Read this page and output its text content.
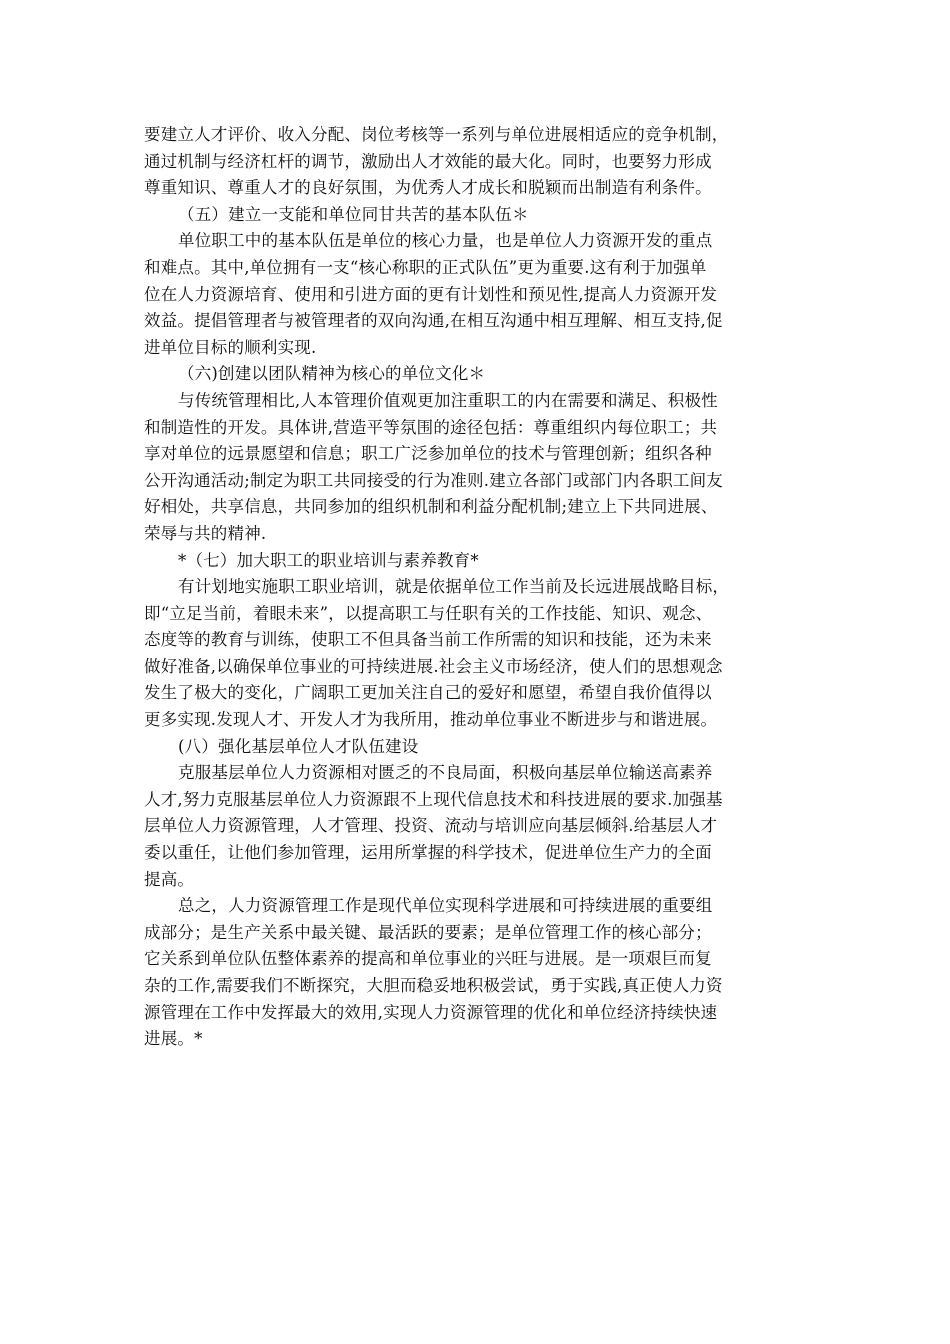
要建立人才评价、收入分配、岗位考核等一系列与单位进展相适应的竞争机制，
通过机制与经济杠杆的调节，激励出人才效能的最大化。同时，也要努力形成
尊重知识、尊重人才的良好氛围，为优秀人才成长和脱颖而出制造有利条件。
（五）建立一支能和单位同甘共苦的基本队伍＊
单位职工中的基本队伍是单位的核心力量，也是单位人力资源开发的重点
和难点。其中,单位拥有一支“核心称职的正式队伍”更为重要.这有利于加强单
位在人力资源培育、使用和引进方面的更有计划性和预见性,提高人力资源开发
效益。提倡管理者与被管理者的双向沟通,在相互沟通中相互理解、相互支持,促
进单位目标的顺利实现.
（六)创建以团队精神为核心的单位文化＊
与传统管理相比,人本管理价值观更加注重职工的内在需要和满足、积极性
和制造性的开发。具体讲,营造平等氛围的途径包括：尊重组织内每位职工；共
享对单位的远景愿望和信息；职工广泛参加单位的技术与管理创新；组织各种
公开沟通活动;制定为职工共同接受的行为准则.建立各部门或部门内各职工间友
好相处，共享信息，共同参加的组织机制和利益分配机制;建立上下共同进展、
荣辱与共的精神.
*（七）加大职工的职业培训与素养教育*
有计划地实施职工职业培训，就是依据单位工作当前及长远进展战略目标，
即“立足当前，着眼未来”，以提高职工与任职有关的工作技能、知识、观念、
态度等的教育与训练，使职工不但具备当前工作所需的知识和技能，还为未来
做好准备,以确保单位事业的可持续进展.社会主义市场经济，使人们的思想观念
发生了极大的变化，广阔职工更加关注自己的爱好和愿望，希望自我价值得以
更多实现.发现人才、开发人才为我所用，推动单位事业不断进步与和谐进展。
(八）强化基层单位人才队伍建设
克服基层单位人力资源相对匮乏的不良局面，积极向基层单位输送高素养
人才,努力克服基层单位人力资源跟不上现代信息技术和科技进展的要求.加强基
层单位人力资源管理，人才管理、投资、流动与培训应向基层倾斜.给基层人才
委以重任，让他们参加管理，运用所掌握的科学技术，促进单位生产力的全面
提高。
总之，人力资源管理工作是现代单位实现科学进展和可持续进展的重要组
成部分；是生产关系中最关键、最活跃的要素；是单位管理工作的核心部分；
它关系到单位队伍整体素养的提高和单位事业的兴旺与进展。是一项艰巨而复
杂的工作,需要我们不断探究，大胆而稳妥地积极尝试，勇于实践,真正使人力资
源管理在工作中发挥最大的效用,实现人力资源管理的优化和单位经济持续快速
进展。*
